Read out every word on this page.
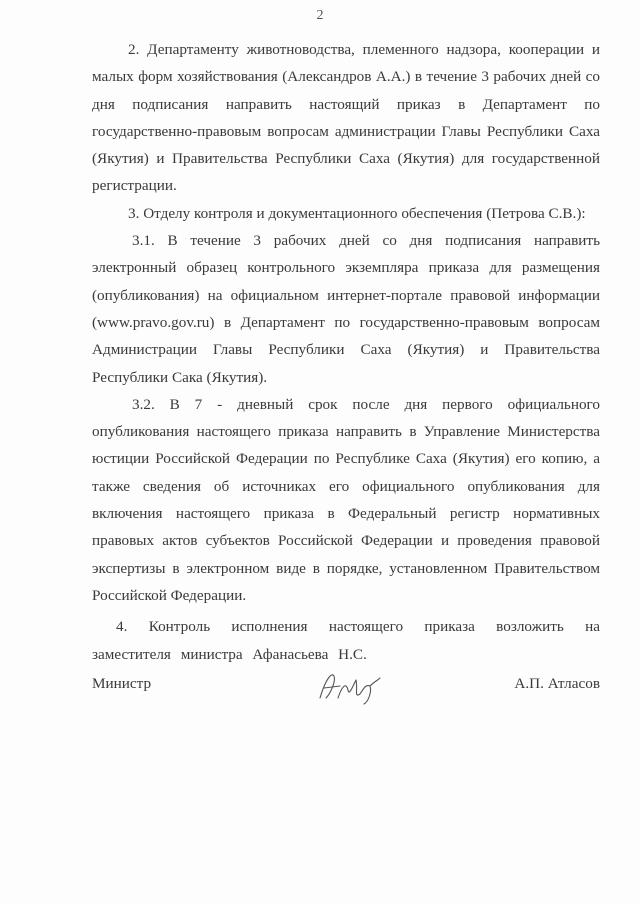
2

2. Департаменту животноводства, племенного надзора, кооперации и малых форм хозяйствования (Александров А.А.) в течение 3 рабочих дней со дня подписания направить настоящий приказ в Департамент по государственно-правовым вопросам администрации Главы Республики Саха (Якутия) и Правительства Республики Саха (Якутия) для государственной регистрации.

3. Отделу контроля и документационного обеспечения (Петрова С.В.):

3.1. В течение 3 рабочих дней со дня подписания направить электронный образец контрольного экземпляра приказа для размещения (опубликования) на официальном интернет-портале правовой информации (www.pravo.gov.ru) в Департамент по государственно-правовым вопросам Администрации Главы Республики Саха (Якутия) и Правительства Республики Сака (Якутия).

3.2. В 7 - дневный срок после дня первого официального опубликования настоящего приказа направить в Управление Министерства юстиции Российской Федерации по Республике Саха (Якутия) его копию, а также сведения об источниках его официального опубликования для включения настоящего приказа в Федеральный регистр нормативных правовых актов субъектов Российской Федерации и проведения правовой экспертизы в электронном виде в порядке, установленном Правительством Российской Федерации.

4. Контроль исполнения настоящего приказа возложить на заместителя министра Афанасьева Н.С.

Министр	А.П. Атласов
